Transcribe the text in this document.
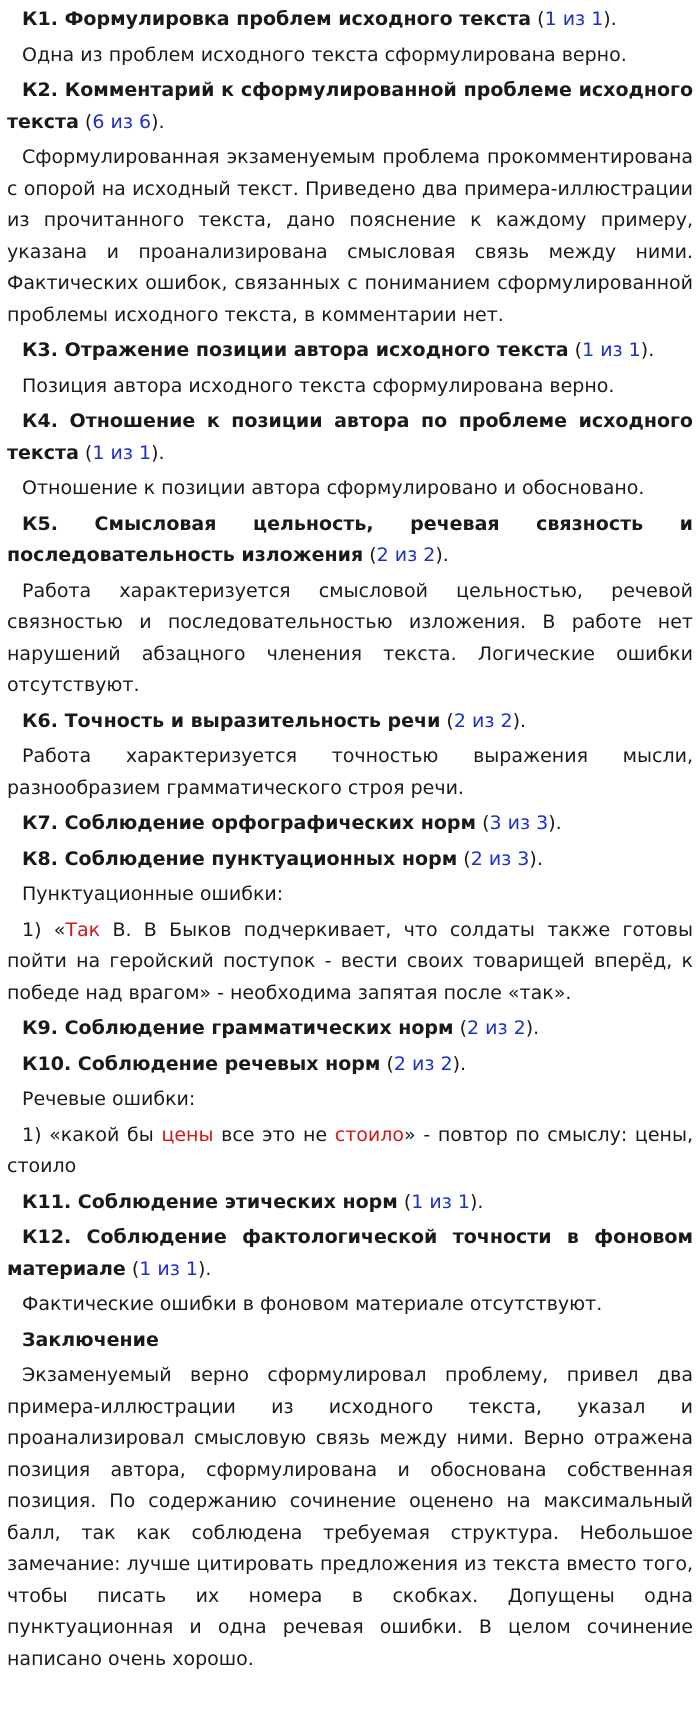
К1. Формулировка проблем исходного текста (1 из 1).

Одна из проблем исходного текста сформулирована верно.

К2. Комментарий к сформулированной проблеме исходного текста (6 из 6).

Сформулированная экзаменуемым проблема прокомментирована с опорой на исходный текст. Приведено два примера-иллюстрации из прочитанного текста, дано пояснение к каждому примеру, указана и проанализирована смысловая связь между ними. Фактических ошибок, связанных с пониманием сформулированной проблемы исходного текста, в комментарии нет.

К3. Отражение позиции автора исходного текста (1 из 1).

Позиция автора исходного текста сформулирована верно.

К4. Отношение к позиции автора по проблеме исходного текста (1 из 1).

Отношение к позиции автора сформулировано и обосновано.

К5. Смысловая цельность, речевая связность и последовательность изложения (2 из 2).

Работа характеризуется смысловой цельностью, речевой связностью и последовательностью изложения. В работе нет нарушений абзацного членения текста. Логические ошибки отсутствуют.

К6. Точность и выразительность речи (2 из 2).

Работа характеризуется точностью выражения мысли, разнообразием грамматического строя речи.

К7. Соблюдение орфографических норм (3 из 3).

К8. Соблюдение пунктуационных норм (2 из 3).

Пунктуационные ошибки:

1) «Так В. В Быков подчеркивает, что солдаты также готовы пойти на геройский поступок - вести своих товарищей вперёд, к победе над врагом» - необходима запятая после «так».

К9. Соблюдение грамматических норм (2 из 2).

К10. Соблюдение речевых норм (2 из 2).

Речевые ошибки:

1) «какой бы цены все это не стоило» - повтор по смыслу: цены, стоило

К11. Соблюдение этических норм (1 из 1).

К12. Соблюдение фактологической точности в фоновом материале (1 из 1).

Фактические ошибки в фоновом материале отсутствуют.

Заключение

Экзаменуемый верно сформулировал проблему, привел два примера-иллюстрации из исходного текста, указал и проанализировал смысловую связь между ними. Верно отражена позиция автора, сформулирована и обоснована собственная позиция. По содержанию сочинение оценено на максимальный балл, так как соблюдена требуемая структура. Небольшое замечание: лучше цитировать предложения из текста вместо того, чтобы писать их номера в скобках. Допущены одна пунктуационная и одна речевая ошибки. В целом сочинение написано очень хорошо.
